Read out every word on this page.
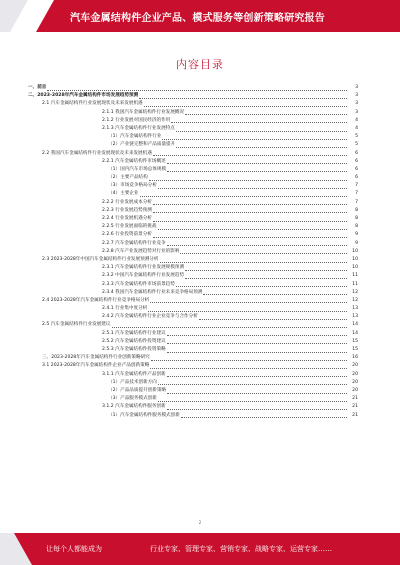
汽车金属结构件企业产品、模式服务等创新策略研究报告
内容目录
一、前言	3
二、2023-2028年汽车金属结构件市场发展趋势预测	3
2.1 汽车金属结构件行业发展现状及未来发展机遇	3
2.1.1 我国汽车金属结构件行业发展概况	3
2.1.2 行业发展对国民经济的作用	4
2.1.3 汽车金属结构件行业发展特点	4
（1）汽车金属结构件行业	5
（2）产业链完整和产品质量提升	5
2.2 我国汽车金属结构件行业发展现状及未来发展机遇	6
2.2.1 汽车金属结构件市场概述	6
（1）国内汽车市场总体规模	6
（2）主要产品结构	6
（3）市场竞争格局分析	7
（4）主要企业	7
2.2.2 行业发展成本分析	7
2.2.3 行业发展趋势预测	8
2.2.4 行业发展机遇分析	8
2.2.5 行业发展面临的挑战	8
2.2.6 行业投资前景分析	9
2.2.7 汽车金属结构件行业竞争	9
2.2.8 汽车产业发展趋势对行业的影响	10
2.3 2023-2028年中国汽车金属结构件行业发展预测分析	10
2.3.1 汽车金属结构件行业发展规模预测	10
2.3.2 中国汽车金属结构件行业发展趋势	11
2.3.3 汽车金属结构件市场前景趋势	11
2.3.4 我国汽车金属结构件行业未来竞争格局预测	12
2.4 2023-2028年汽车金属结构件行业竞争格局分析	12
2.4.1 行业集中度分析	13
2.4.2 汽车金属结构件行业企业竞争与合作分析	13
2.5 汽车金属结构件行业发展建议	14
2.5.1 汽车金属结构件行业建议	14
2.5.2 汽车金属结构件投资建议	15
2.5.3 汽车金属结构件投资策略	15
三、2023-2028年汽车金属结构件行业创新策略研究	16
3.1 2023-2028年汽车金属结构件企业产品创新策略	20
3.1.1 汽车金属结构件产品创新	20
（1）产品技术创新方向	20
（2）产品品质提升创新策略	20
（3）产品服务模式创新	21
3.1.2 汽车金属结构件服务创新	21
（1）汽车金属结构件服务模式创新	21
2
让每个人都能成为	行业专家、管理专家、营销专家、战略专家、运营专家……
